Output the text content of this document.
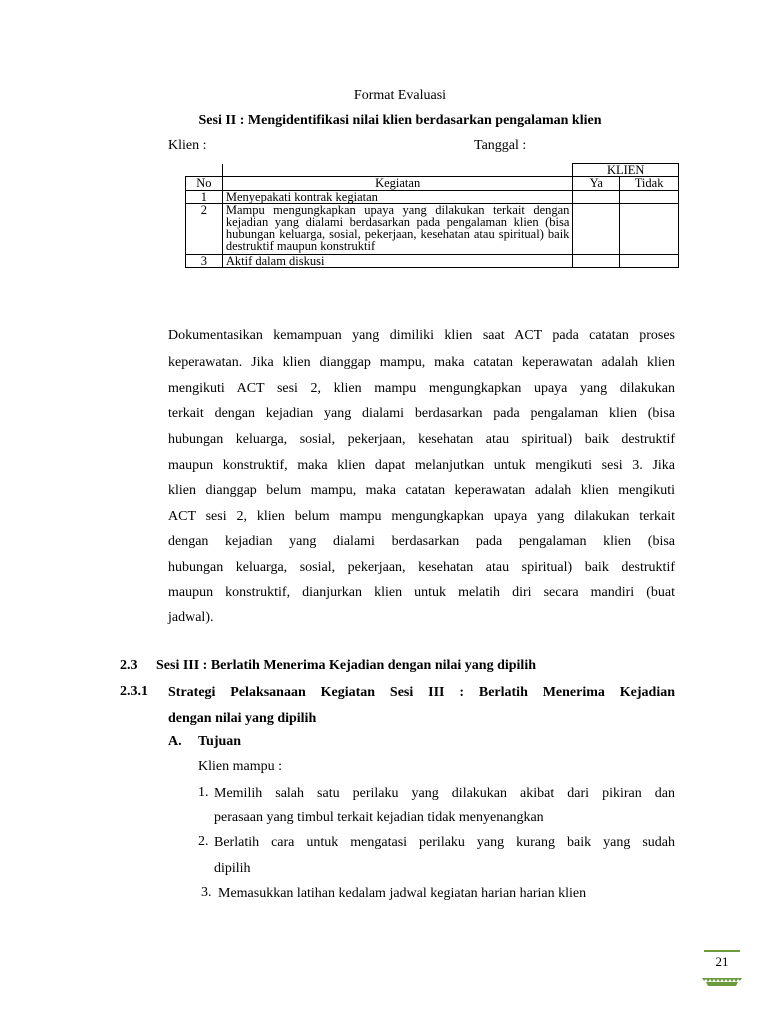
Format Evaluasi
Sesi II : Mengidentifikasi nilai klien berdasarkan pengalaman klien
Klien :	Tanggal :
		KLIEN	
No	Kegiatan	Ya	Tidak
1	Menyepakati kontrak kegiatan		
2	Mampu mengungkapkan upaya yang dilakukan terkait dengan kejadian yang dialami berdasarkan pada pengalaman klien (bisa hubungan keluarga, sosial, pekerjaan, kesehatan atau spiritual) baik destruktif maupun konstruktif		
3	Aktif dalam diskusi		
Dokumentasikan kemampuan yang dimiliki klien saat ACT pada catatan proses
keperawatan. Jika klien dianggap mampu, maka catatan keperawatan adalah klien
mengikuti ACT sesi 2, klien mampu mengungkapkan upaya yang dilakukan
terkait dengan kejadian yang dialami berdasarkan pada pengalaman klien (bisa
hubungan keluarga, sosial, pekerjaan, kesehatan atau spiritual) baik destruktif
maupun konstruktif, maka klien dapat melanjutkan untuk mengikuti sesi 3. Jika
klien dianggap belum mampu, maka catatan keperawatan adalah klien mengikuti
ACT sesi 2, klien belum mampu mengungkapkan upaya yang dilakukan terkait
dengan kejadian yang dialami berdasarkan pada pengalaman klien (bisa
hubungan keluarga, sosial, pekerjaan, kesehatan atau spiritual) baik destruktif
maupun konstruktif, dianjurkan klien untuk melatih diri secara mandiri (buat
jadwal).
2.3 Sesi III : Berlatih Menerima Kejadian dengan nilai yang dipilih
2.3.1 Strategi Pelaksanaan Kegiatan Sesi III : Berlatih Menerima Kejadian
dengan nilai yang dipilih
A. Tujuan
Klien mampu :
1. Memilih salah satu perilaku yang dilakukan akibat dari pikiran dan
perasaan yang timbul terkait kejadian tidak menyenangkan
2. Berlatih cara untuk mengatasi perilaku yang kurang baik yang sudah
dipilih
3. Memasukkan latihan kedalam jadwal kegiatan harian harian klien
21
